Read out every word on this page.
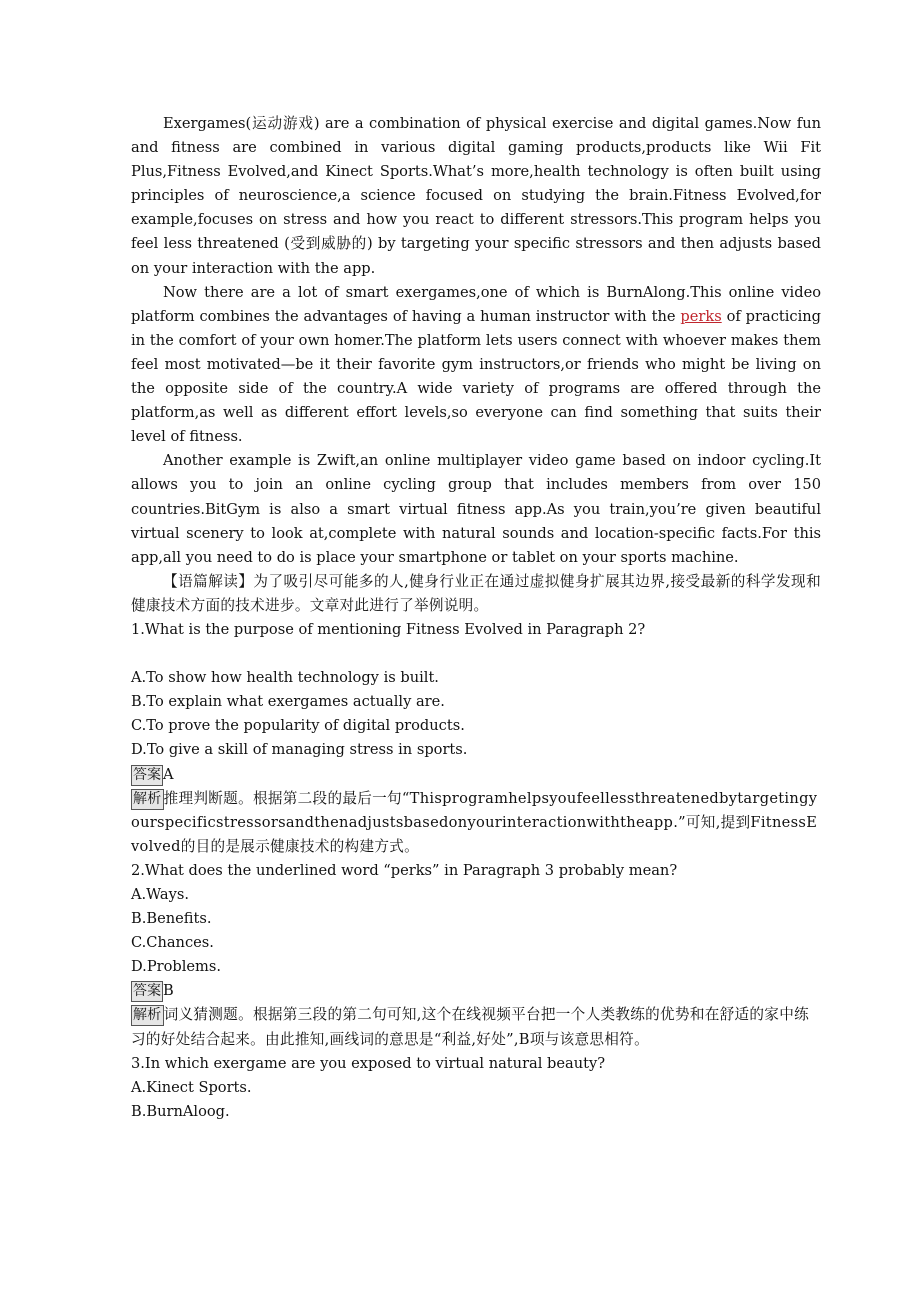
Exergames(运动游戏) are a combination of physical exercise and digital games.Now fun and fitness are combined in various digital gaming products,products like Wii Fit Plus,Fitness Evolved,and Kinect Sports.What’s more,health technology is often built using principles of neuroscience,a science focused on studying the brain.Fitness Evolved,for example,focuses on stress and how you react to different stressors.This program helps you feel less threatened (受到威胁的) by targeting your specific stressors and then adjusts based on your interaction with the app.

Now there are a lot of smart exergames,one of which is BurnAlong.This online video platform combines the advantages of having a human instructor with the perks of practicing in the comfort of your own homer.The platform lets users connect with whoever makes them feel most motivated—be it their favorite gym instructors,or friends who might be living on the opposite side of the country.A wide variety of programs are offered through the platform,as well as different effort levels,so everyone can find something that suits their level of fitness.

Another example is Zwift,an online multiplayer video game based on indoor cycling.It allows you to join an online cycling group that includes members from over 150 countries.BitGym is also a smart virtual fitness app.As you train,you’re given beautiful virtual scenery to look at,complete with natural sounds and location-specific facts.For this app,all you need to do is place your smartphone or tablet on your sports machine.

【语篇解读】为了吸引尽可能多的人,健身行业正在通过虚拟健身扩展其边界,接受最新的科学发现和健康技术方面的技术进步。文章对此进行了举例说明。

1.What is the purpose of mentioning Fitness Evolved in Paragraph 2?

A.To show how health technology is built.

B.To explain what exergames actually are.

C.To prove the popularity of digital products.

D.To give a skill of managing stress in sports.

答案 A

解析 推理判断题。根据第二段的最后一句“Thisprogramhelpsyoufeellessthreatenedbytargetingyourspecificstressorsandthenadjustsbasedonyourinteractionwiththeapp.”可知,提到FitnessEvolved的目的是展示健康技术的构建方式。

2.What does the underlined word “perks” in Paragraph 3 probably mean?

A.Ways.

B.Benefits.

C.Chances.

D.Problems.

答案 B

解析 词义猜测题。根据第三段的第二句可知,这个在线视频平台把一个人类教练的优势和在舒适的家中练习的好处结合起来。由此推知,画线词的意思是“利益,好处”,B项与该意思相符。

3.In which exergame are you exposed to virtual natural beauty?

A.Kinect Sports.

B.BurnAloog.
